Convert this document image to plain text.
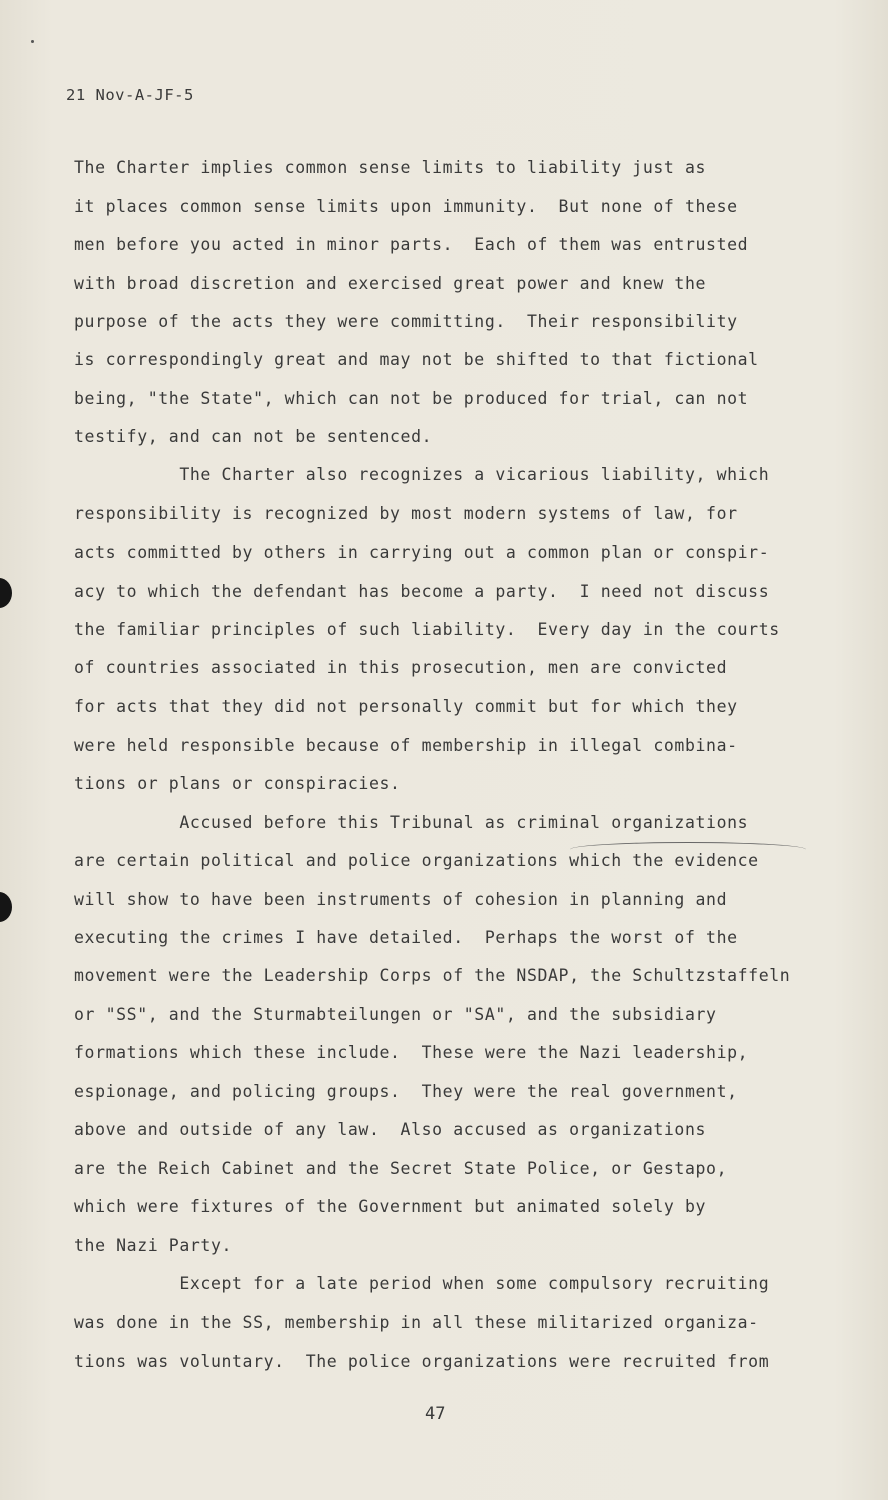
21 Nov-A-JF-5
The Charter implies common sense limits to liability just as
it places common sense limits upon immunity.  But none of these
men before you acted in minor parts.  Each of them was entrusted
with broad discretion and exercised great power and knew the
purpose of the acts they were committing.  Their responsibility
is correspondingly great and may not be shifted to that fictional
being, "the State", which can not be produced for trial, can not
testify, and can not be sentenced.
The Charter also recognizes a vicarious liability, which
responsibility is recognized by most modern systems of law, for
acts committed by others in carrying out a common plan or conspir-
acy to which the defendant has become a party.  I need not discuss
the familiar principles of such liability.  Every day in the courts
of countries associated in this prosecution, men are convicted
for acts that they did not personally commit but for which they
were held responsible because of membership in illegal combina-
tions or plans or conspiracies.
Accused before this Tribunal as criminal organizations
are certain political and police organizations which the evidence
will show to have been instruments of cohesion in planning and
executing the crimes I have detailed.  Perhaps the worst of the
movement were the Leadership Corps of the NSDAP, the Schultzstaffeln
or "SS", and the Sturmabteilungen or "SA", and the subsidiary
formations which these include.  These were the Nazi leadership,
espionage, and policing groups.  They were the real government,
above and outside of any law.  Also accused as organizations
are the Reich Cabinet and the Secret State Police, or Gestapo,
which were fixtures of the Government but animated solely by
the Nazi Party.
Except for a late period when some compulsory recruiting
was done in the SS, membership in all these militarized organiza-
tions was voluntary.  The police organizations were recruited from
47
